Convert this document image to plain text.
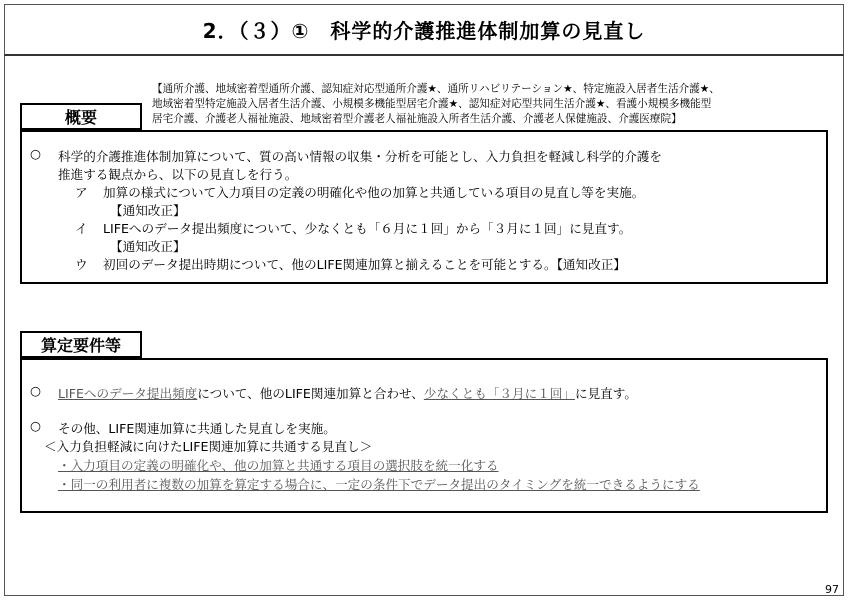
2．（３）①　科学的介護推進体制加算の見直し
【通所介護、地域密着型通所介護、認知症対応型通所介護★、通所リハビリテーション★、特定施設入居者生活介護★、
地域密着型特定施設入居者生活介護、小規模多機能型居宅介護★、認知症対応型共同生活介護★、看護小規模多機能型
居宅介護、介護老人福祉施設、地域密着型介護老人福祉施設入所者生活介護、介護老人保健施設、介護医療院】
概要
○ 科学的介護推進体制加算について、質の高い情報の収集・分析を可能とし、入力負担を軽減し科学的介護を
推進する観点から、以下の見直しを行う。
ア 加算の様式について入力項目の定義の明確化や他の加算と共通している項目の見直し等を実施。
【通知改正】
イ LIFEへのデータ提出頻度について、少なくとも「６月に１回」から「３月に１回」に見直す。
【通知改正】
ウ 初回のデータ提出時期について、他のLIFE関連加算と揃えることを可能とする。【通知改正】
算定要件等
○ LIFEへのデータ提出頻度について、他のLIFE関連加算と合わせ、少なくとも「３月に１回」に見直す。
○ その他、LIFE関連加算に共通した見直しを実施。
＜入力負担軽減に向けたLIFE関連加算に共通する見直し＞
・入力項目の定義の明確化や、他の加算と共通する項目の選択肢を統一化する
・同一の利用者に複数の加算を算定する場合に、一定の条件下でデータ提出のタイミングを統一できるようにする
97
